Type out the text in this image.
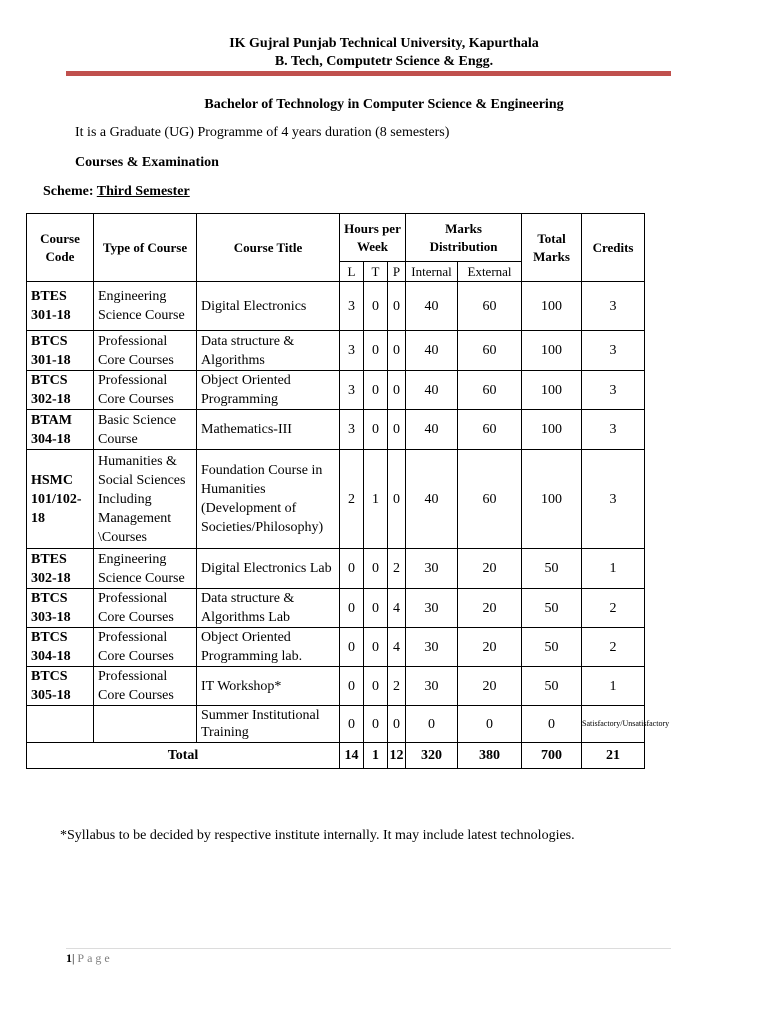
IK Gujral Punjab Technical University, Kapurthala
B. Tech, Computetr Science & Engg.
Bachelor of Technology in Computer Science & Engineering
It is a Graduate (UG) Programme of 4 years duration (8 semesters)
Courses & Examination
Scheme: Third Semester
Course Code	Type of Course	Course Title	Hours per Week			Marks Distribution		Total Marks	Credits
			L	T	P	Internal	External		
BTES 301-18	Engineering Science Course	Digital Electronics	3	0	0	40	60	100	3
BTCS 301-18	Professional Core Courses	Data structure & Algorithms	3	0	0	40	60	100	3
BTCS 302-18	Professional Core Courses	Object Oriented Programming	3	0	0	40	60	100	3
BTAM 304-18	Basic Science Course	Mathematics-III	3	0	0	40	60	100	3
HSMC 101/102-18	Humanities & Social Sciences Including Management \Courses	Foundation Course in Humanities (Development of Societies/Philosophy)	2	1	0	40	60	100	3
BTES 302-18	Engineering Science Course	Digital Electronics Lab	0	0	2	30	20	50	1
BTCS 303-18	Professional Core Courses	Data structure & Algorithms Lab	0	0	4	30	20	50	2
BTCS 304-18	Professional Core Courses	Object Oriented Programming lab.	0	0	4	30	20	50	2
BTCS 305-18	Professional Core Courses	IT Workshop*	0	0	2	30	20	50	1
		Summer Institutional Training	0	0	0	0	0	0	Satisfactory/Unsatisfactory
Total			14	1	12	320	380	700	21
*Syllabus to be decided by respective institute internally. It may include latest technologies.
1| Page
